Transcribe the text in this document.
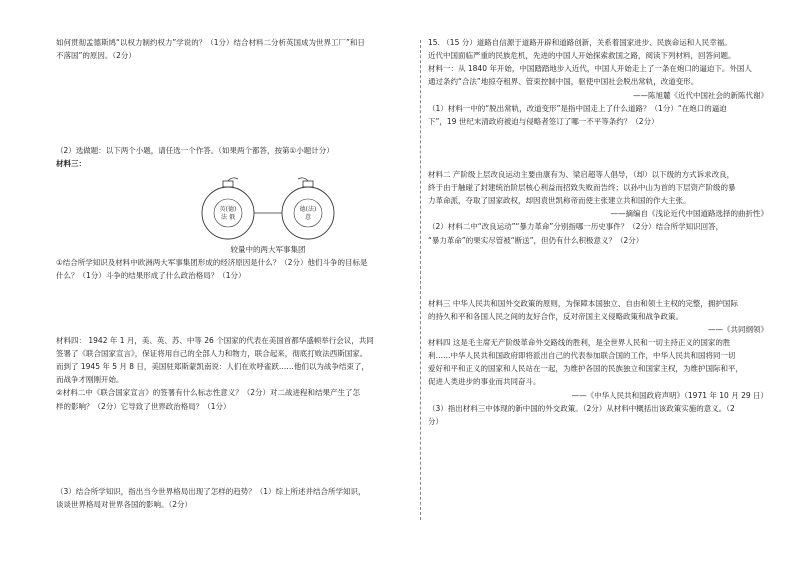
如何贯彻孟德斯鸠“以权力制约权力”学说的？（1分）结合材料二分析英国成为世界工厂”和日

不落国”的原因。（2分）

（2）选做题：以下两个小题，请任选一个作答。（如果两个都答，按第①小题计分）

材料三：

英(德)
法 俄
德(法)
意

较量中的两大军事集团

①结合所学知识及材料中欧洲两大军事集团形成的经济原因是什么？（2分）他们斗争的目标是

什么？（1分）斗争的结果形成了什么政治格局？（1分）

材料四： 1942 年 1 月，美、英、苏、中等 26 个国家的代表在美国首都华盛顿举行会议，共同

签署了《联合国家宣言》，保证将用自己的全部人力和物力，联合起来，彻底打败法西斯国家。

而到了 1945 年 5 月 8 日，美国驻郑斯蒙凯南说：人们在欢呼雀跃……他们以为战争结束了，

而战争才刚刚开始。

②材料二中《联合国家宣言》的签署有什么标志性意义？（2分）对二战进程和结果产生了怎

样的影响？（2分）它导致了世界政治格局？（1分）

（3）结合所学知识，指出当今世界格局出现了怎样的趋势？（1）综上所述并结合所学知识，

谈谈世界格局对世界各国的影响。（2分）

15. （15 分）道路自信源于道路开辟和道路创新，关系着国家进步、民族命运和人民幸福。

近代中国面临严重的民族危机，先进的中国人开始探索救国之路，阅读下列材料，回答问题。

材料一：从 1840 年开始，中国踏踏地步入近代，中国人开始走上了一条在炮口的逼迫下。外国人

通过条约“合法”地掠夺租界、管束控制中国，驱使中国社会脱出常轨，改道变形。

——陈旭麓《近代中国社会的新陈代谢》

（1）材料一中的“脱出常轨，改道变形”是指中国走上了什么道路？（1分）“在炮口的逼迫

下”，19 世纪末清政府被迫与侵略者签订了哪一不平等条约？（2分）

材料二 产阶级上层改良运动主要由康有为、梁启超等人倡导，（却）以下级的方式诉求改良，

終于由于触碰了封建统治阶层核心利益而招致失败而告终；以孙中山为首的下层资产阶级的暴

力革命派，夺取了国家政权，却因袁世凯称帝而使主张建立共和国的作大主张。

——摘编自《浅论近代中国道路选择的曲折性》

（2）材料二中“改良运动”“暴力革命”分别指哪一历史事件？（2分）结合所学知识回答，

“暴力革命”的果实尽管被“断送”，但仍有什么积极意义？（2分）

材料三 中华人民共和国外交政策的原则，为保障本国独立、自由和领土主权的完整，拥护国际

的持久和平和各国人民之间的友好合作，反对帝国主义侵略政策和战争政策。

——《共同纲领》

材料四 这是毛主席无产阶级革命外交路线的胜利，是全世界人民和一切主持正义的国家的胜

利……中华人民共和国政府即将派出自己的代表参加联合国的工作，中华人民共和国将同一切

爱好和平和正义的国家和人民站在一起，为维护各国的民族独立和国家主权，为维护国际和平，

促进人类进步的事业而共同奋斗。

——《中华人民共和国政府声明》（1971 年 10 月 29 日）

（3）指出材料三中体现的新中国的外交政策。（2分）从材料中概括出该政策实施的意义。（2

分）
